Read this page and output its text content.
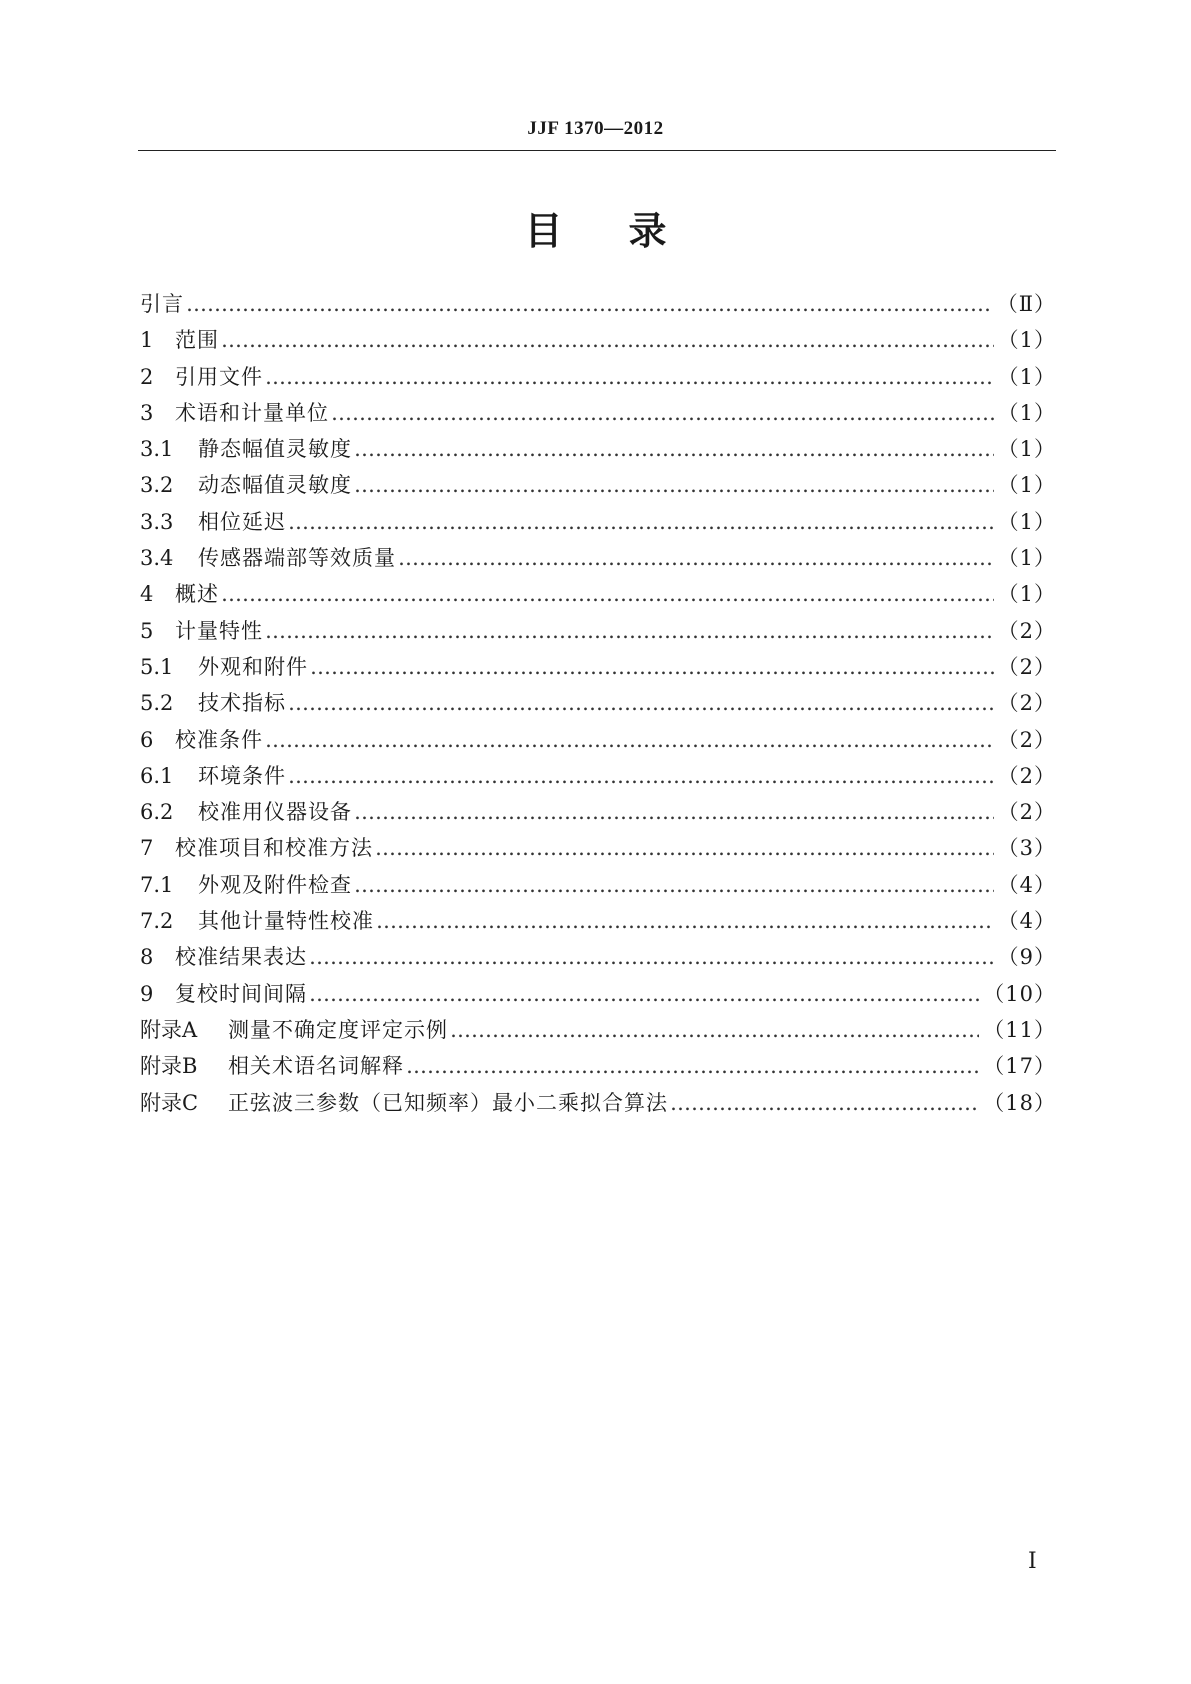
JJF 1370—2012
目录
引言 …………………………………………………………………………………………………………………………………………………………………………………………………………	（Ⅱ）
1	范围 …………………………………………………………………………………………………………………………………………………………………………………………………………	（1）
2	引用文件 …………………………………………………………………………………………………………………………………………………………………………………………………………	（1）
3	术语和计量单位 …………………………………………………………………………………………………………………………………………………………………………………………………………	（1）
3.1	静态幅值灵敏度 …………………………………………………………………………………………………………………………………………………………………………………………………………	（1）
3.2	动态幅值灵敏度 …………………………………………………………………………………………………………………………………………………………………………………………………………	（1）
3.3	相位延迟 …………………………………………………………………………………………………………………………………………………………………………………………………………	（1）
3.4	传感器端部等效质量 …………………………………………………………………………………………………………………………………………………………………………………………………………	（1）
4	概述 …………………………………………………………………………………………………………………………………………………………………………………………………………	（1）
5	计量特性 …………………………………………………………………………………………………………………………………………………………………………………………………………	（2）
5.1	外观和附件 …………………………………………………………………………………………………………………………………………………………………………………………………………	（2）
5.2	技术指标 …………………………………………………………………………………………………………………………………………………………………………………………………………	（2）
6	校准条件 …………………………………………………………………………………………………………………………………………………………………………………………………………	（2）
6.1	环境条件 …………………………………………………………………………………………………………………………………………………………………………………………………………	（2）
6.2	校准用仪器设备 …………………………………………………………………………………………………………………………………………………………………………………………………………	（2）
7	校准项目和校准方法 …………………………………………………………………………………………………………………………………………………………………………………………………………	（3）
7.1	外观及附件检查 …………………………………………………………………………………………………………………………………………………………………………………………………………	（4）
7.2	其他计量特性校准 …………………………………………………………………………………………………………………………………………………………………………………………………………	（4）
8	校准结果表达 …………………………………………………………………………………………………………………………………………………………………………………………………………	（9）
9	复校时间间隔 …………………………………………………………………………………………………………………………………………………………………………………………………………	（10）
附录A	测量不确定度评定示例 …………………………………………………………………………………………………………………………………………………………………………………………………………	（11）
附录B	相关术语名词解释 …………………………………………………………………………………………………………………………………………………………………………………………………………	（17）
附录C	正弦波三参数（已知频率）最小二乘拟合算法 …………………………………………………………………………………………………………………………………………………………………………………………………………	（18）
Ⅰ
